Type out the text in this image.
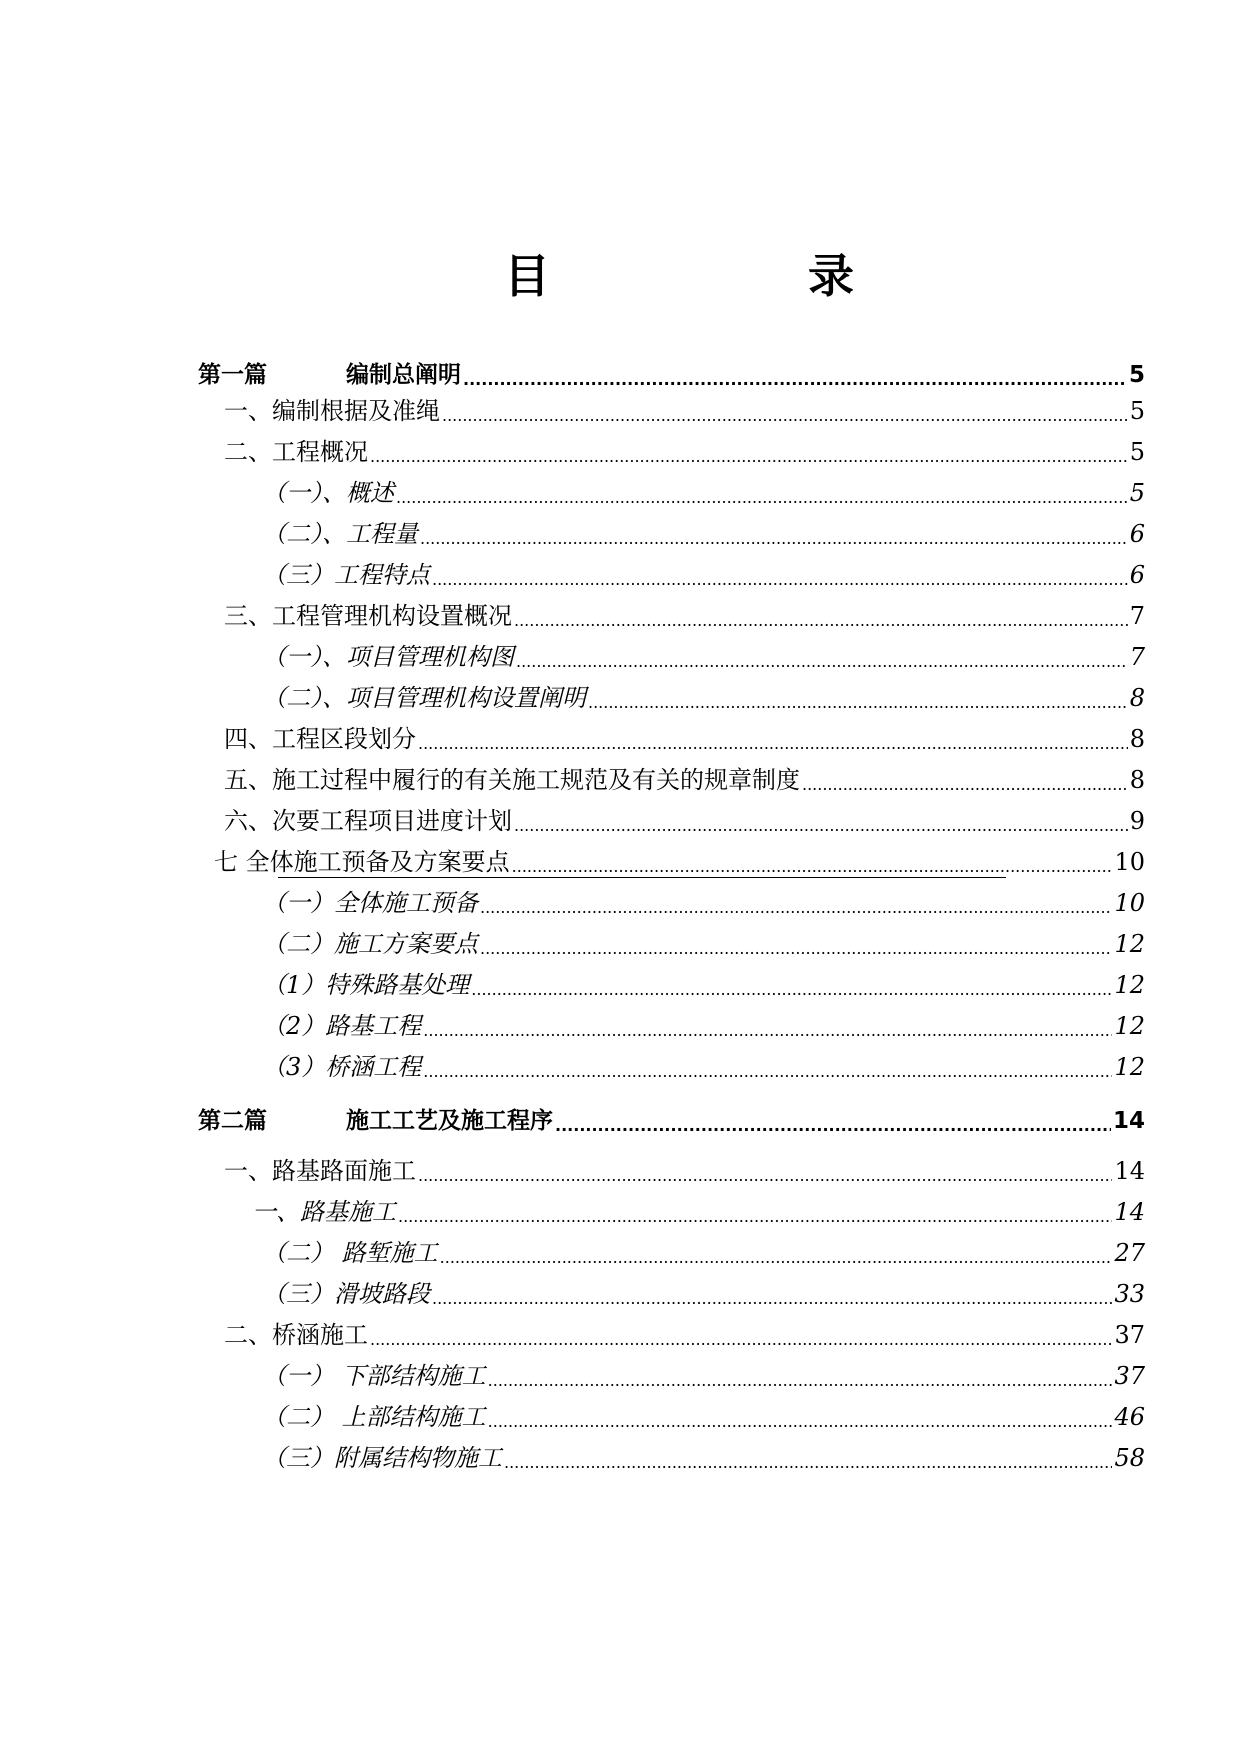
目	录
第一篇	编制总阐明 .....	5
一、编制根据及准绳 .....	5
二、工程概况 .....	5
（一）、概述 .....	5
（二）、工程量 .....	6
（三）工程特点 .....	6
三、工程管理机构设置概况 .....	7
（一）、项目管理机构图 .....	7
（二）、项目管理机构设置阐明 .....	8
四、工程区段划分 .....	8
五、施工过程中履行的有关施工规范及有关的规章制度 .....	8
六、次要工程项目进度计划 .....	9
七 全体施工预备及方案要点 .....	10
（一）全体施工预备 .....	10
（二）施工方案要点 .....	12
（1）特殊路基处理 .....	12
（2）路基工程 .....	12
（3）桥涵工程 .....	12
第二篇	施工工艺及施工程序 .....	14
一、路基路面施工 .....	14
一、路基施工 .....	14
（二） 路堑施工 .....	27
（三）滑坡路段 .....	33
二、桥涵施工 .....	37
（一） 下部结构施工 .....	37
（二） 上部结构施工 .....	46
（三）附属结构物施工 .....	58
